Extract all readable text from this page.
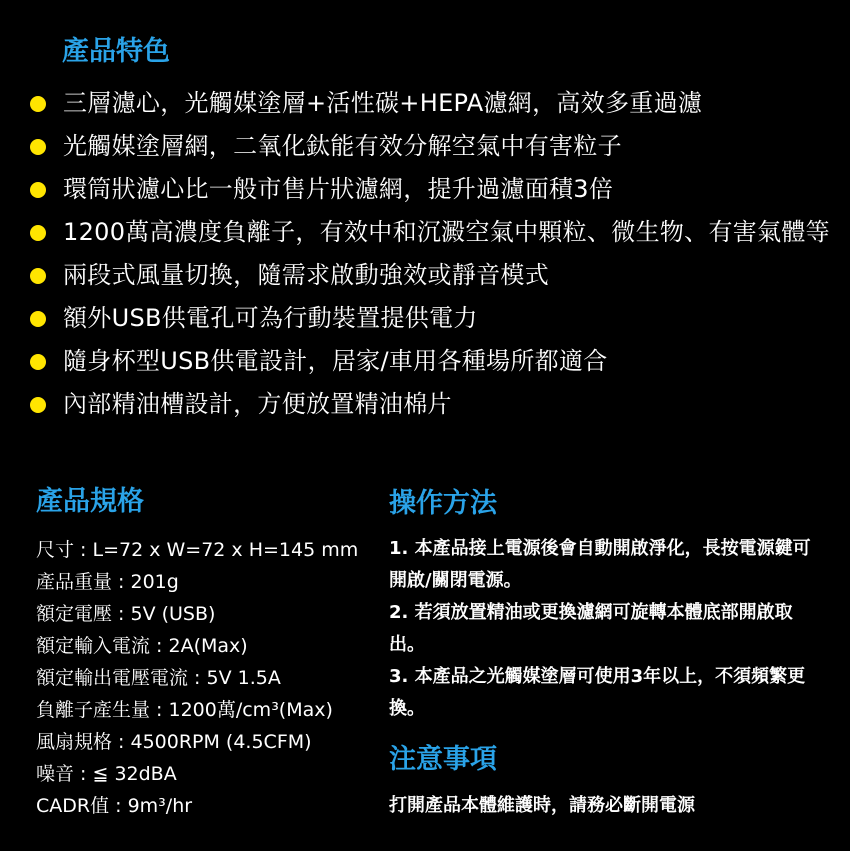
產品特色
三層濾心，光觸媒塗層+活性碳+HEPA濾網，高效多重過濾
光觸媒塗層網，二氧化鈦能有效分解空氣中有害粒子
環筒狀濾心比一般市售片狀濾網，提升過濾面積3倍
1200萬高濃度負離子，有效中和沉澱空氣中顆粒、微生物、有害氣體等
兩段式風量切換，隨需求啟動強效或靜音模式
額外USB供電孔可為行動裝置提供電力
隨身杯型USB供電設計，居家/車用各種場所都適合
內部精油槽設計，方便放置精油棉片
產品規格
尺寸 : L=72 x W=72 x H=145 mm
產品重量 : 201g
額定電壓 : 5V (USB)
額定輸入電流 : 2A(Max)
額定輸出電壓電流 : 5V 1.5A
負離子產生量 : 1200萬/cm³(Max)
風扇規格 : 4500RPM (4.5CFM)
噪音 : ≦ 32dBA
CADR值 : 9m³/hr
操作方法
1. 本產品接上電源後會自動開啟淨化，長按電源鍵可開啟/關閉電源。
2. 若須放置精油或更換濾網可旋轉本體底部開啟取出。
3. 本產品之光觸媒塗層可使用3年以上，不須頻繁更換。
注意事項
打開產品本體維護時，請務必斷開電源
